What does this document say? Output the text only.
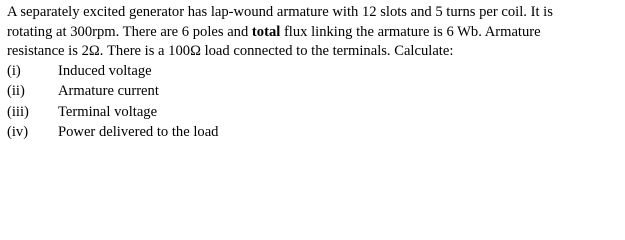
A separately excited generator has lap-wound armature with 12 slots and 5 turns per coil. It is
rotating at 300rpm. There are 6 poles and total flux linking the armature is 6 Wb. Armature
resistance is 2Ω. There is a 100Ω load connected to the terminals. Calculate:

(i)	Induced voltage
(ii)	Armature current
(iii)	Terminal voltage
(iv)	Power delivered to the load
